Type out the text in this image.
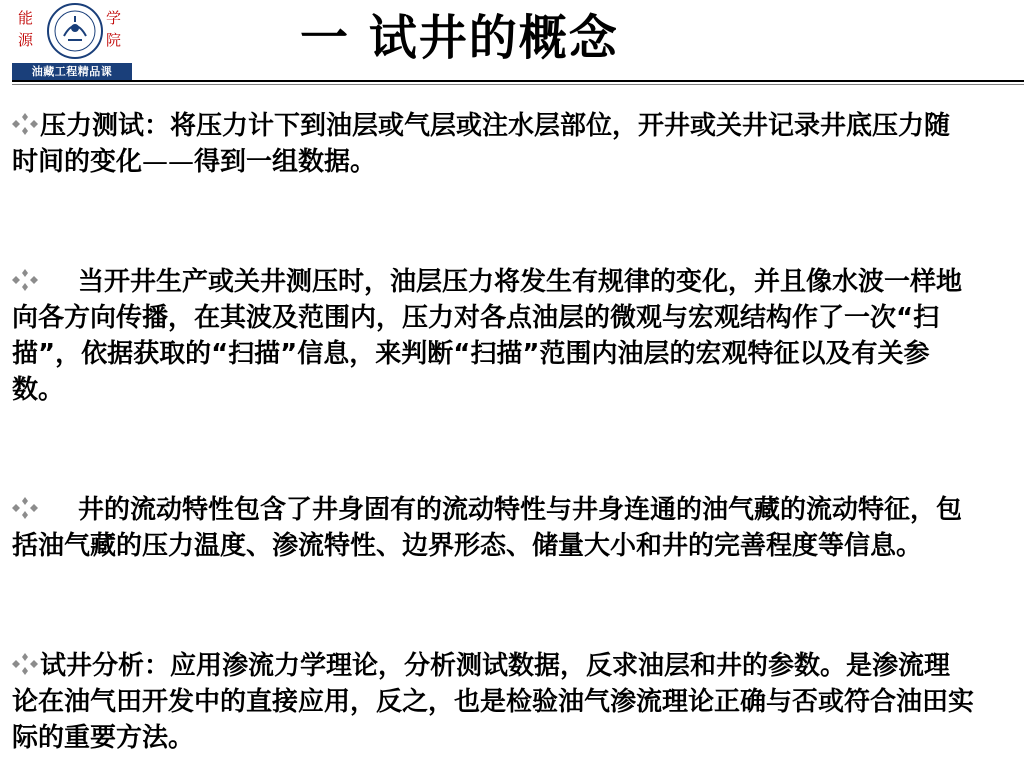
能
源
学
院
油藏工程精品课
一 试井的概念

压力测试：将压力计下到油层或气层或注水层部位，开井或关井记录井底压力随时间的变化——得到一组数据。

当开井生产或关井测压时，油层压力将发生有规律的变化，并且像水波一样地向各方向传播，在其波及范围内，压力对各点油层的微观与宏观结构作了一次“扫描”，依据获取的“扫描”信息，来判断“扫描”范围内油层的宏观特征以及有关参数。

井的流动特性包含了井身固有的流动特性与井身连通的油气藏的流动特征，包括油气藏的压力温度、渗流特性、边界形态、储量大小和井的完善程度等信息。

试井分析：应用渗流力学理论，分析测试数据，反求油层和井的参数。是渗流理论在油气田开发中的直接应用，反之，也是检验油气渗流理论正确与否或符合油田实际的重要方法。
